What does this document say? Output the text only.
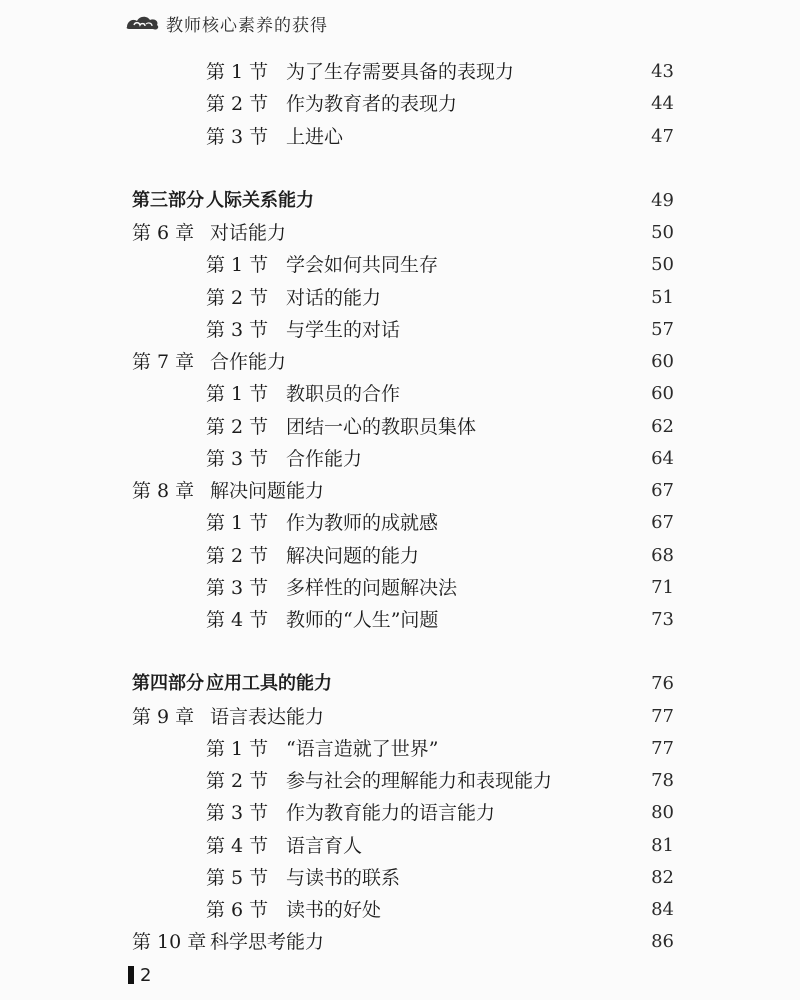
教师核心素养的获得
第 1 节 为了生存需要具备的表现力	43
第 2 节 作为教育者的表现力	44
第 3 节 上进心	47
第三部分 人际关系能力	49
第 6 章 对话能力	50
第 1 节 学会如何共同生存	50
第 2 节 对话的能力	51
第 3 节 与学生的对话	57
第 7 章 合作能力	60
第 1 节 教职员的合作	60
第 2 节 团结一心的教职员集体	62
第 3 节 合作能力	64
第 8 章 解决问题能力	67
第 1 节 作为教师的成就感	67
第 2 节 解决问题的能力	68
第 3 节 多样性的问题解决法	71
第 4 节 教师的“人生”问题	73
第四部分 应用工具的能力	76
第 9 章 语言表达能力	77
第 1 节 “语言造就了世界”	77
第 2 节 参与社会的理解能力和表现能力	78
第 3 节 作为教育能力的语言能力	80
第 4 节 语言育人	81
第 5 节 与读书的联系	82
第 6 节 读书的好处	84
第 10 章 科学思考能力	86
2
